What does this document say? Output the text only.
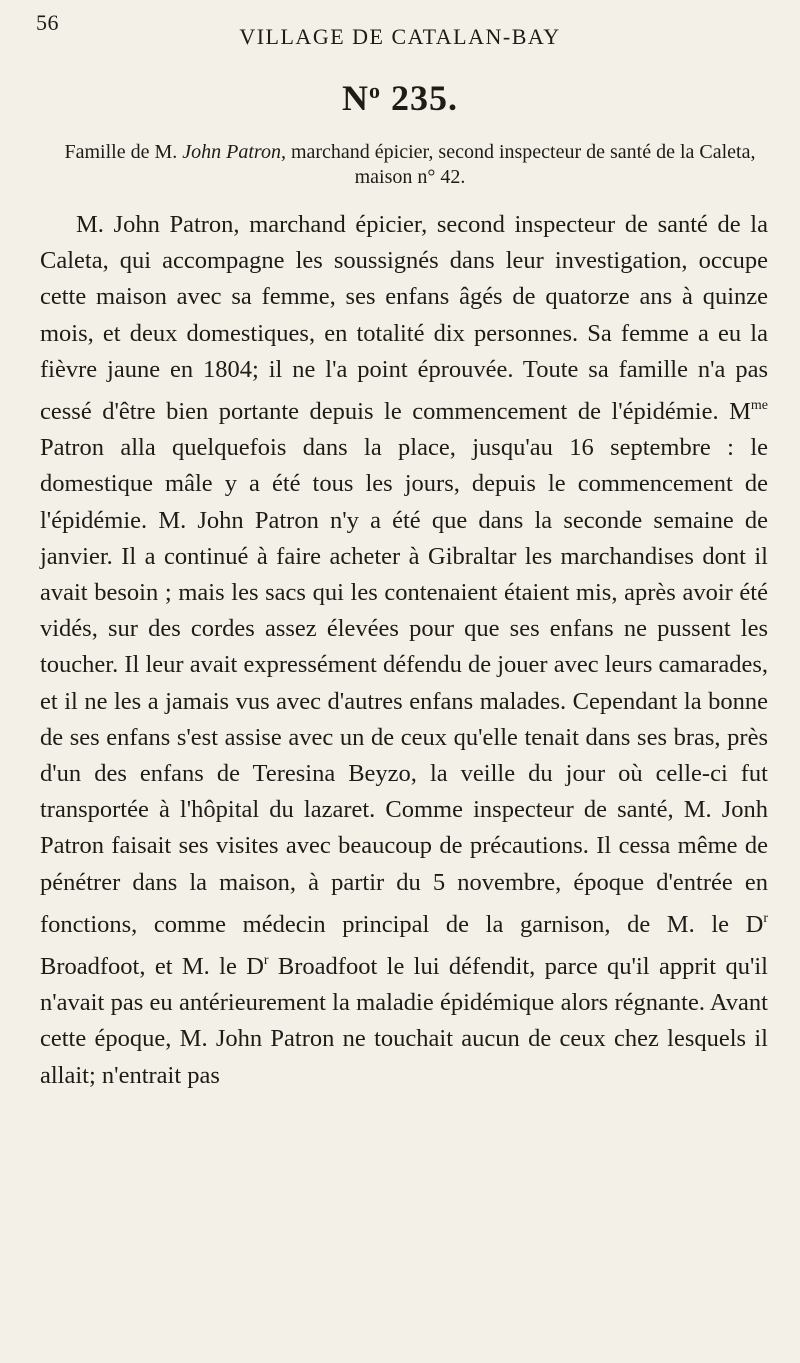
56
VILLAGE DE CATALAN-BAY
$N^o$ 235.
Famille de M. John Patron, marchand épicier, second inspecteur de santé de la Caleta, maison n° 42.

M. John Patron, marchand épicier, second inspecteur de santé de la Caleta, qui accompagne les soussignés dans leur investigation, occupe cette maison avec sa femme, ses enfans âgés de quatorze ans à quinze mois, et deux domestiques, en totalité dix personnes. Sa femme a eu la fièvre jaune en 1804; il ne l'a point éprouvée. Toute sa famille n'a pas cessé d'être bien portante depuis le commencement de l'épidémie. $M^{me}$ Patron alla quelquefois dans la place, jusqu'au 16 septembre : le domestique mâle y a été tous les jours, depuis le commencement de l'épidémie. M. John Patron n'y a été que dans la seconde semaine de janvier. Il a continué à faire acheter à Gibraltar les marchandises dont il avait besoin ; mais les sacs qui les contenaient étaient mis, après avoir été vidés, sur des cordes assez élevées pour que ses enfans ne pussent les toucher. Il leur avait expressément défendu de jouer avec leurs camarades, et il ne les a jamais vus avec d'autres enfans malades. Cependant la bonne de ses enfans s'est assise avec un de ceux qu'elle tenait dans ses bras, près d'un des enfans de Teresina Beyzo, la veille du jour où celle-ci fut transportée à l'hôpital du lazaret. Comme inspecteur de santé, M. Jonh Patron faisait ses visites avec beaucoup de précautions. Il cessa même de pénétrer dans la maison, à partir du 5 novembre, époque d'entrée en fonctions, comme médecin principal de la garnison, de M. le $D^r$ Broadfoot, et M. le $D^r$ Broadfoot le lui défendit, parce qu'il apprit qu'il n'avait pas eu antérieurement la maladie épidémique alors régnante. Avant cette époque, M. John Patron ne touchait aucun de ceux chez lesquels il allait; n'entrait pas
